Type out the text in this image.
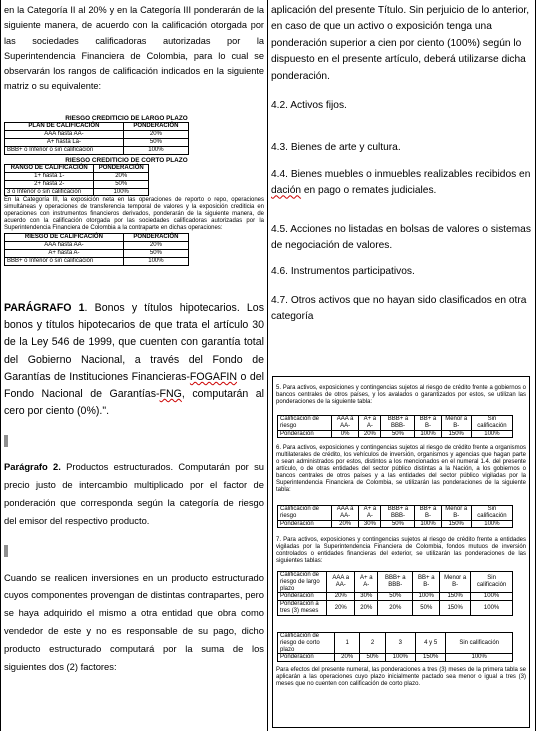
en la Categoría II al 20% y en la Categoría III ponderarán de la siguiente manera, de acuerdo con la calificación otorgada por las sociedades calificadoras autorizadas por la Superintendencia Financiera de Colombia, para lo cual se observarán los rangos de calificación indicados en la siguiente matriz o su equivalente:

RIESGO CREDITICIO DE LARGO PLAZO

PLAN DE CALIFICACIÓN	PONDERACIÓN
AAA hasta AA-	20%
A+ hasta La-	50%
BBB+ o Inferior o sin calificación	100%

RIESGO CREDITICIO DE CORTO PLAZO

RANGO DE CALIFICACIÓN	PONDERACIÓN
1+ hasta 1-	20%
2+ hasta 2-	50%
3 o Inferior o sin calificación	100%

En la Categoría III, la exposición neta en las operaciones de reporto o repo, operaciones simultáneas y operaciones de transferencia temporal de valores y la exposición crediticia en operaciones con instrumentos financieros derivados, ponderarán de la siguiente manera, de acuerdo con la calificación otorgada por las sociedades calificadoras autorizadas por la Superintendencia Financiera de Colombia a la contraparte en dichas operaciones:

RIESGO DE CALIFICACIÓN	PONDERACIÓN
AAA hasta AA-	20%
A+ hasta A-	50%
BBB+ o Inferior o sin calificación	100%

PARÁGRAFO 1. Bonos y títulos hipotecarios. Los bonos y títulos hipotecarios de que trata el artículo 30 de la Ley 546 de 1999, que cuenten con garantía total del Gobierno Nacional, a través del Fondo de Garantías de Instituciones Financieras-FOGAFIN o del Fondo Nacional de Garantías-FNG, computarán al cero por ciento (0%).".

Parágrafo 2. Productos estructurados. Computarán por su precio justo de intercambio multiplicado por el factor de ponderación que corresponda según la categoría de riesgo del emisor del respectivo producto.

Cuando se realicen inversiones en un producto estructurado cuyos componentes provengan de distintas contrapartes, pero se haya adquirido el mismo a otra entidad que obra como vendedor de este y no es responsable de su pago, dicho producto estructurado computará por la suma de los siguientes dos (2) factores:

aplicación del presente Título. Sin perjuicio de lo anterior, en caso de que un activo o exposición tenga una ponderación superior a cien por ciento (100%) según lo dispuesto en el presente artículo, deberá utilizarse dicha ponderación.

4.2. Activos fijos.

4.3. Bienes de arte y cultura.

4.4. Bienes muebles o inmuebles realizables recibidos en dación en pago o remates judiciales.

4.5. Acciones no listadas en bolsas de valores o sistemas de negociación de valores.

4.6. Instrumentos participativos.

4.7. Otros activos que no hayan sido clasificados en otra categoría

5. Para activos, exposiciones y contingencias sujetos al riesgo de crédito frente a gobiernos o bancos centrales de otros países, y los avalados o garantizados por estos, se utilizan las ponderaciones de la siguiente tabla:
Calificación de riesgo	AAA a AA-	A+ a A-	BBB+ a BBB-	BB+ a B-	Menor a B-	Sin calificación
Ponderación	0%	20%	50%	100%	150%	100%
6. Para activos, exposiciones y contingencias sujetos al riesgo de crédito frente a organismos multilaterales de crédito, los vehículos de inversión, organismos y agencias que hagan parte o sean administrados por estos, distintos a los mencionados en el numeral 1.4. del presente artículo, o de otras entidades del sector público distintas a la Nación, a los gobiernos o bancos centrales de otros países y a las entidades del sector público vigiladas por la Superintendencia Financiera de Colombia, se utilizarán las ponderaciones de la siguiente tabla:
Calificación de riesgo	AAA a AA-	A+ a A-	BBB+ a BBB-	BB+ a B-	Menor a B-	Sin calificación
Ponderación	20%	30%	50%	100%	150%	100%
7. Para activos, exposiciones y contingencias sujetos al riesgo de crédito frente a entidades vigiladas por la Superintendencia Financiera de Colombia, fondos mutuos de inversión controlados o entidades financieras del exterior, se utilizarán las ponderaciones de las siguientes tablas:
Calificación de riesgo de largo plazo	AAA a AA-	A+ a A-	BBB+ a BBB-	BB+ a B-	Menor a B-	Sin calificación
Ponderación	20%	30%	50%	100%	150%	100%
Ponderación a tres (3) meses	20%	20%	20%	50%	150%	100%
Calificación de riesgo de corto plazo	1	2	3	4 y 5	Sin calificación
Ponderación	20%	50%	100%	150%	100%
Para efectos del presente numeral, las ponderaciones a tres (3) meses de la primera tabla se aplicarán a las operaciones cuyo plazo inicialmente pactado sea menor o igual a tres (3) meses que no cuenten con calificación de corto plazo.
